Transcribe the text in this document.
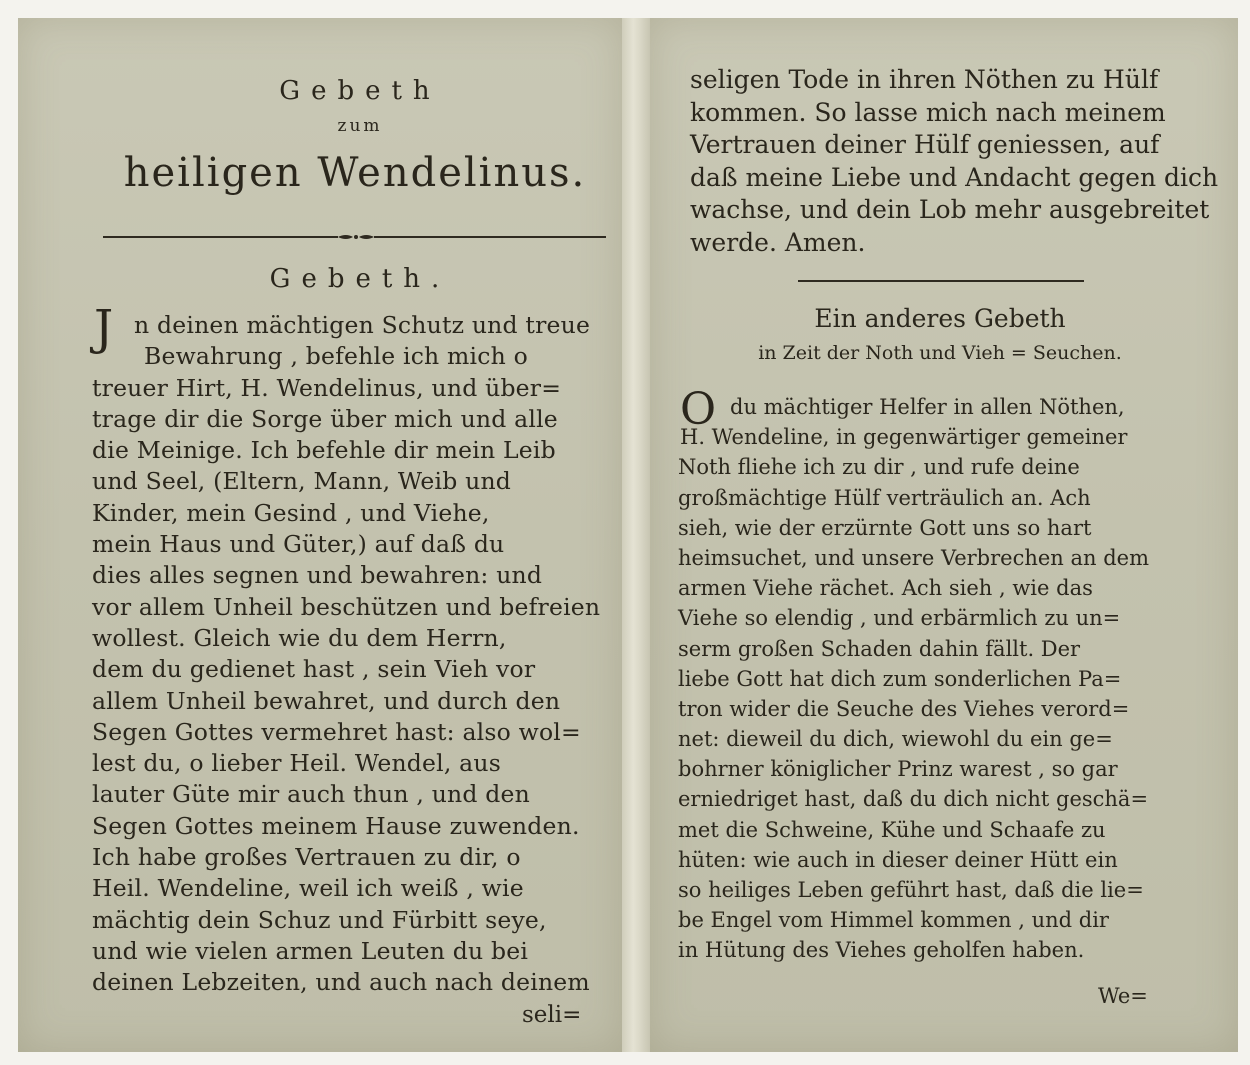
Gebeth
zum
heiligen Wendelinus.
Gebeth.
J n deinen mächtigen Schutz und treue
Bewahrung , befehle ich mich o
treuer Hirt, H. Wendelinus, und über=
trage dir die Sorge über mich und alle
die Meinige. Ich befehle dir mein Leib
und Seel, (Eltern, Mann, Weib und
Kinder, mein Gesind , und Viehe,
mein Haus und Güter,) auf daß du
dies alles segnen und bewahren: und
vor allem Unheil beschützen und befreien
wollest. Gleich wie du dem Herrn,
dem du gedienet hast , sein Vieh vor
allem Unheil bewahret, und durch den
Segen Gottes vermehret hast: also wol=
lest du, o lieber Heil. Wendel, aus
lauter Güte mir auch thun , und den
Segen Gottes meinem Hause zuwenden.
Ich habe großes Vertrauen zu dir, o
Heil. Wendeline, weil ich weiß , wie
mächtig dein Schuz und Fürbitt seye,
und wie vielen armen Leuten du bei
deinen Lebzeiten, und auch nach deinem
seli=
seligen Tode in ihren Nöthen zu Hülf
kommen. So lasse mich nach meinem
Vertrauen deiner Hülf geniessen, auf
daß meine Liebe und Andacht gegen dich
wachse, und dein Lob mehr ausgebreitet
werde. Amen.
Ein anderes Gebeth
in Zeit der Noth und Vieh = Seuchen.
O du mächtiger Helfer in allen Nöthen,
H. Wendeline, in gegenwärtiger gemeiner
Noth fliehe ich zu dir , und rufe deine
großmächtige Hülf verträulich an. Ach
sieh, wie der erzürnte Gott uns so hart
heimsuchet, und unsere Verbrechen an dem
armen Viehe rächet. Ach sieh , wie das
Viehe so elendig , und erbärmlich zu un=
serm großen Schaden dahin fällt. Der
liebe Gott hat dich zum sonderlichen Pa=
tron wider die Seuche des Viehes verord=
net: dieweil du dich, wiewohl du ein ge=
bohrner königlicher Prinz warest , so gar
erniedriget hast, daß du dich nicht geschä=
met die Schweine, Kühe und Schaafe zu
hüten: wie auch in dieser deiner Hütt ein
so heiliges Leben geführt hast, daß die lie=
be Engel vom Himmel kommen , und dir
in Hütung des Viehes geholfen haben.
We=
